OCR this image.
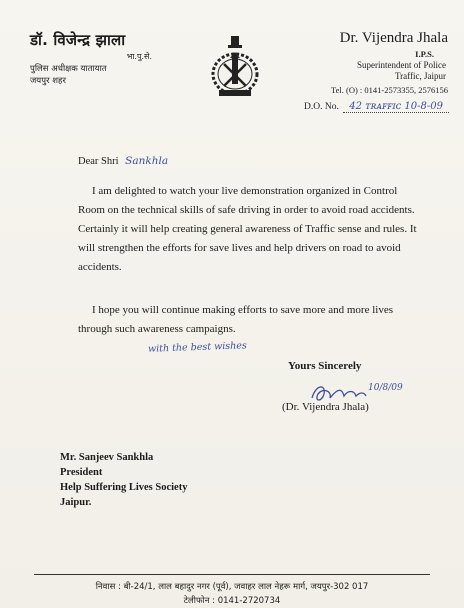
डॉ. विजेन्द्र झाला
भा.पु.से.
पुलिस अधीक्षक यातायात
जयपुर शहर
Dr. Vijendra Jhala
I.P.S.
Superintendent of Police
Traffic, Jaipur
Tel. (O) : 0141-2573355, 2576156
D.O. No. 42 ᴛʀᴀꜰꜰɪᴄ 10-8-09
Dear Shri Sankhla
I am delighted to watch your live demonstration organized in Control Room on the technical skills of safe driving in order to avoid road accidents. Certainly it will help creating general awareness of Traffic sense and rules. It will strengthen the efforts for save lives and help drivers on road to avoid accidents.
I hope you will continue making efforts to save more and more lives through such awareness campaigns.
with the best wishes
Yours Sincerely
10/8/09
(Dr. Vijendra Jhala)
Mr. Sanjeev Sankhla
President
Help Suffering Lives Society
Jaipur.
निवास : बी-24/1, लाल बहादुर नगर (पूर्व), जवाहर लाल नेहरू मार्ग, जयपुर-302 017
टेलीफोन : 0141-2720734
